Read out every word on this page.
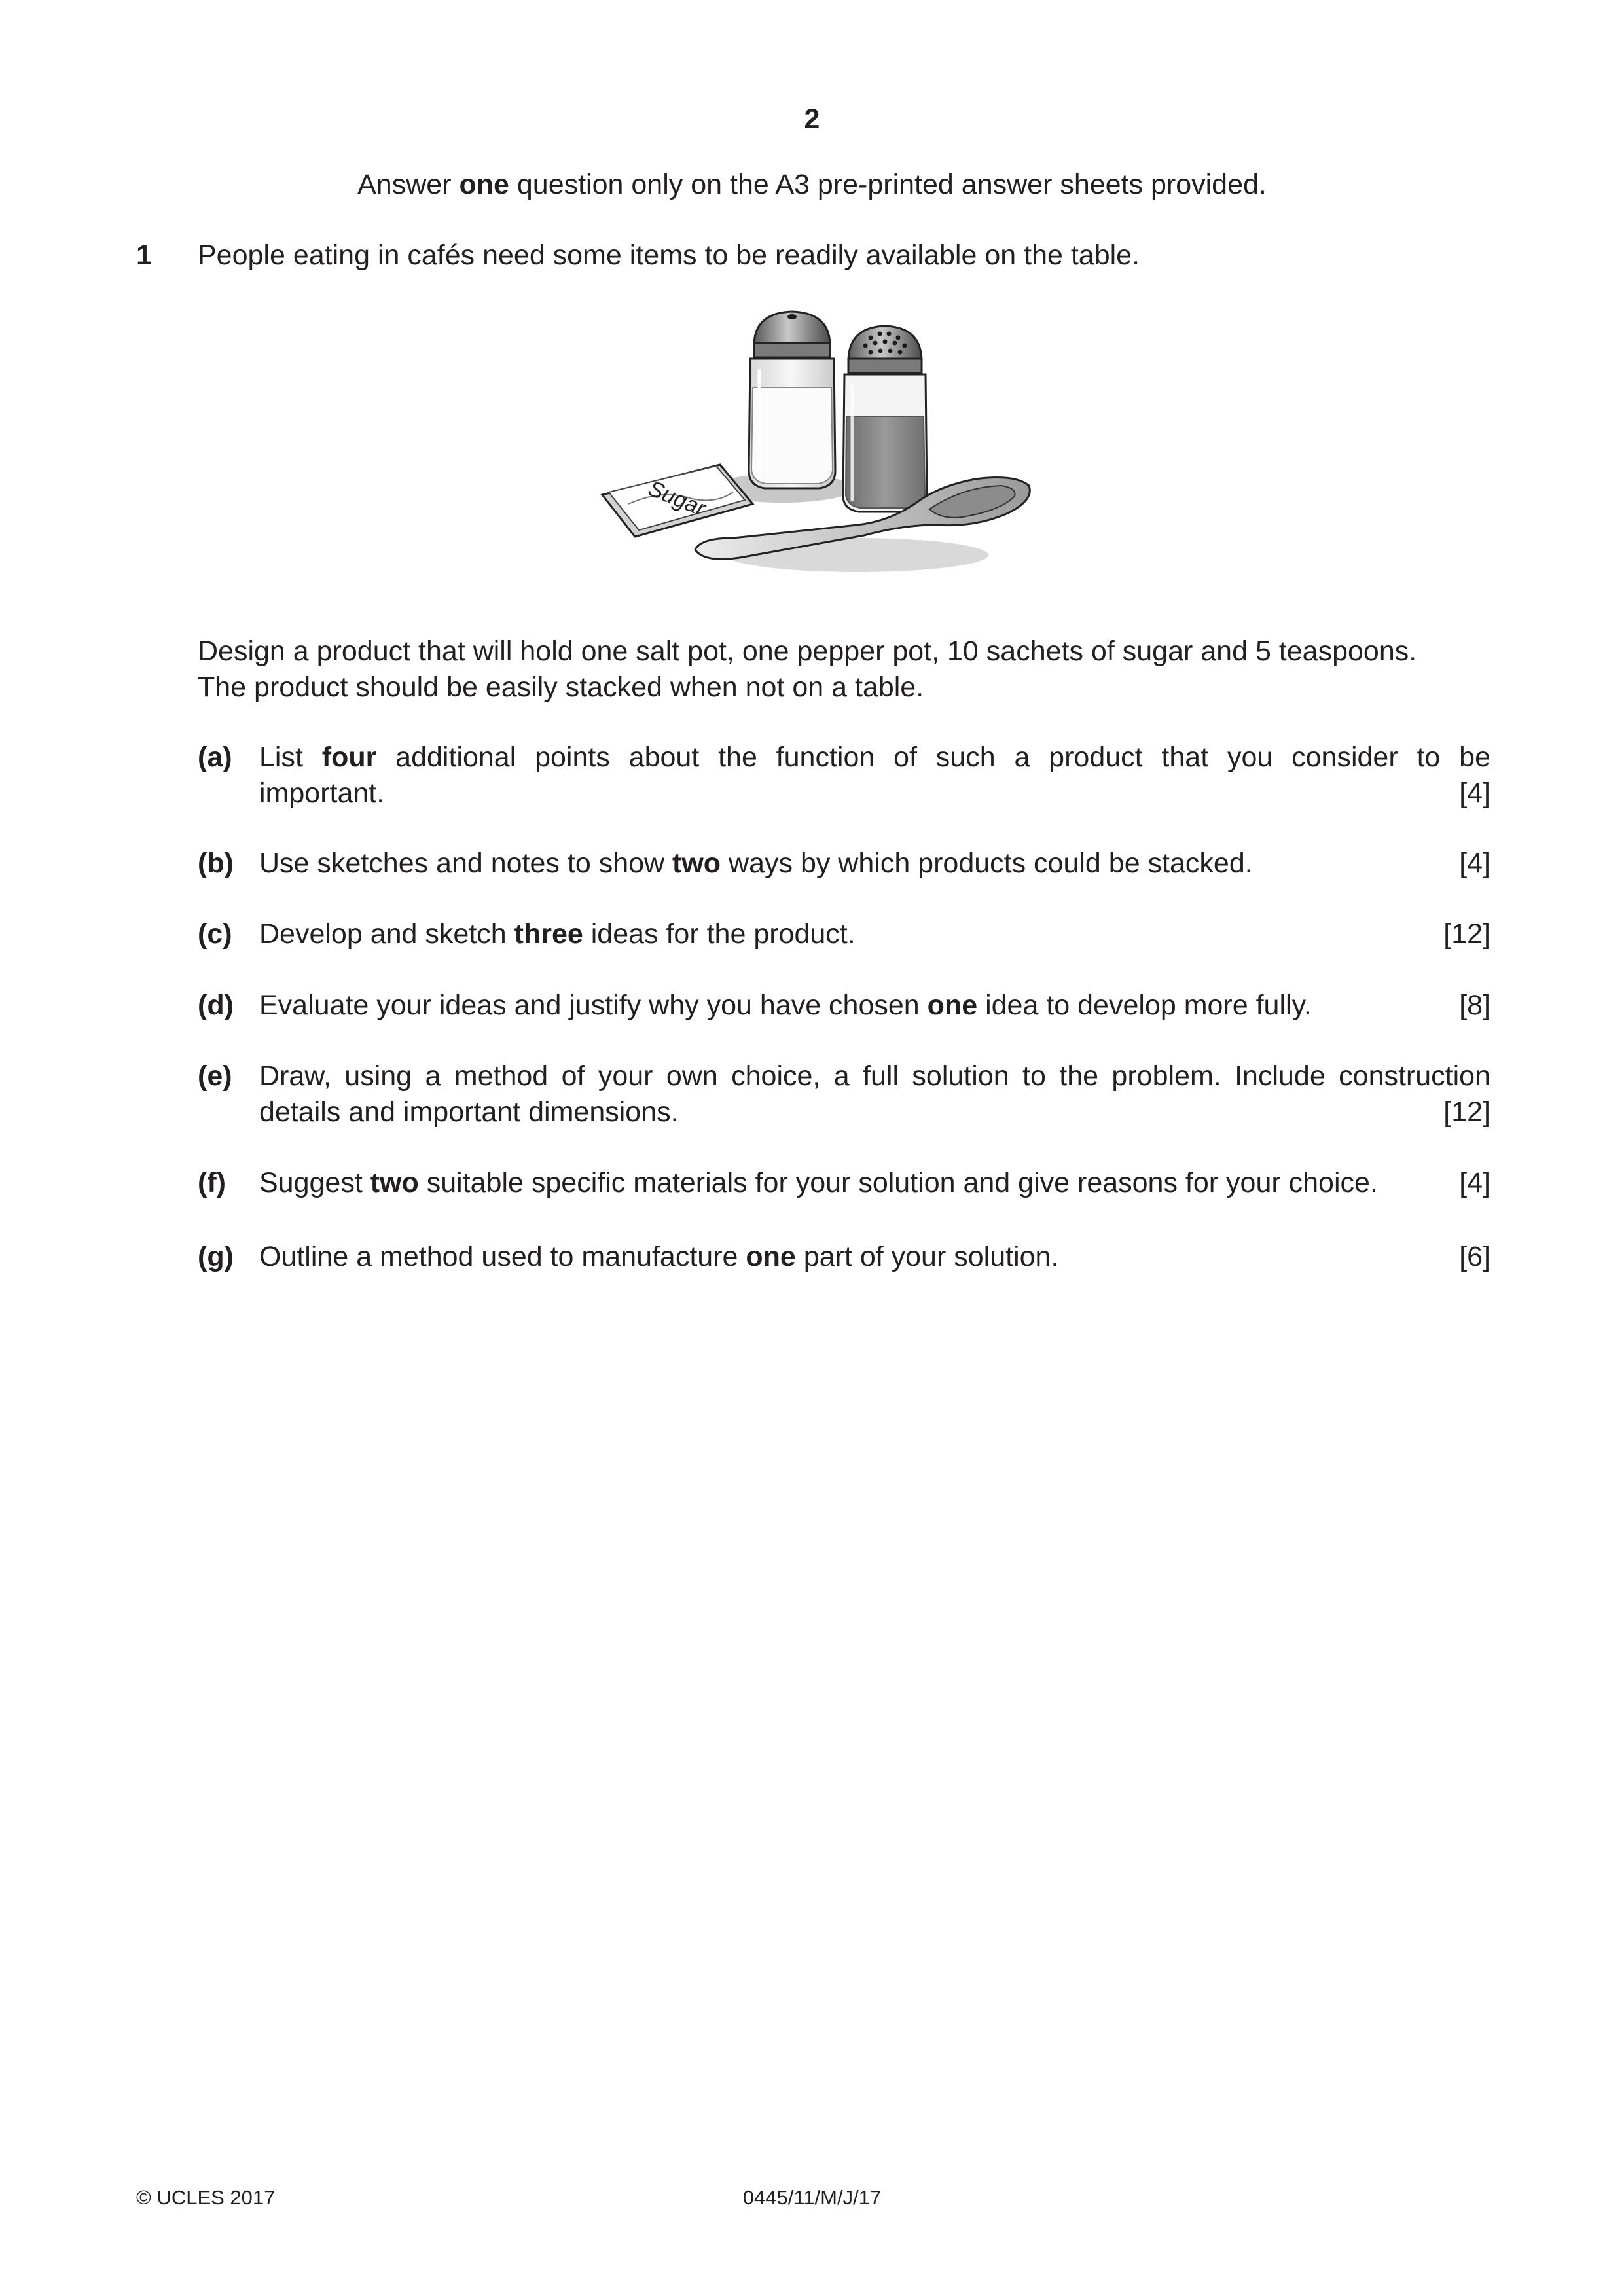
2
Answer one question only on the A3 pre-printed answer sheets provided.
1 People eating in cafés need some items to be readily available on the table.
Sugar
Design a product that will hold one salt pot, one pepper pot, 10 sachets of sugar and 5 teaspoons.
The product should be easily stacked when not on a table.
(a) List four additional points about the function of such a product that you consider to be
important.	[4]
(b) Use sketches and notes to show two ways by which products could be stacked.	[4]
(c) Develop and sketch three ideas for the product.	[12]
(d) Evaluate your ideas and justify why you have chosen one idea to develop more fully.	[8]
(e) Draw, using a method of your own choice, a full solution to the problem. Include construction
details and important dimensions.	[12]
(f) Suggest two suitable specific materials for your solution and give reasons for your choice.	[4]
(g) Outline a method used to manufacture one part of your solution.	[6]
© UCLES 2017	0445/11/M/J/17
